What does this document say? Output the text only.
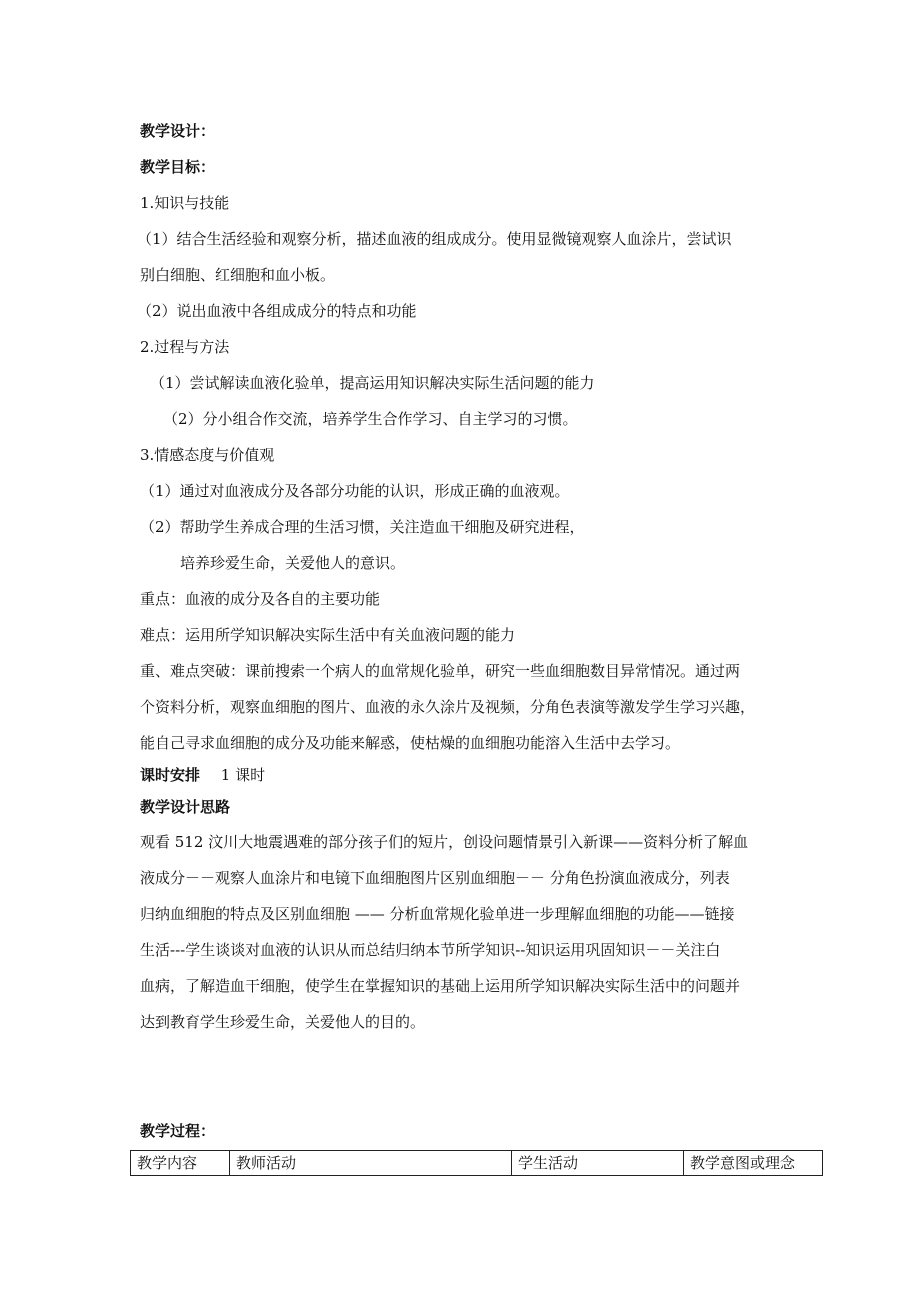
教学设计：
教学目标：
1.知识与技能
（1）结合生活经验和观察分析，描述血液的组成成分。使用显微镜观察人血涂片，尝试识
别白细胞、红细胞和血小板。
（2）说出血液中各组成成分的特点和功能
2.过程与方法
（1）尝试解读血液化验单，提高运用知识解决实际生活问题的能力
（2）分小组合作交流，培养学生合作学习、自主学习的习惯。
3.情感态度与价值观
（1）通过对血液成分及各部分功能的认识，形成正确的血液观。
（2）帮助学生养成合理的生活习惯，关注造血干细胞及研究进程，
培养珍爱生命，关爱他人的意识。
重点：血液的成分及各自的主要功能
难点：运用所学知识解决实际生活中有关血液问题的能力
重、难点突破：课前搜索一个病人的血常规化验单，研究一些血细胞数目异常情况。通过两
个资料分析，观察血细胞的图片、血液的永久涂片及视频，分角色表演等激发学生学习兴趣，
能自己寻求血细胞的成分及功能来解惑，使枯燥的血细胞功能溶入生活中去学习。
课时安排 1 课时
教学设计思路
观看 512 汶川大地震遇难的部分孩子们的短片，创设问题情景引入新课——资料分析了解血
液成分－－观察人血涂片和电镜下血细胞图片区别血细胞－－ 分角色扮演血液成分，列表
归纳血细胞的特点及区别血细胞 —— 分析血常规化验单进一步理解血细胞的功能——链接
生活---学生谈谈对血液的认识从而总结归纳本节所学知识--知识运用巩固知识－－关注白
血病，了解造血干细胞，使学生在掌握知识的基础上运用所学知识解决实际生活中的问题并
达到教育学生珍爱生命，关爱他人的目的。
教学过程：
教学内容	教师活动	学生活动	教学意图或理念
